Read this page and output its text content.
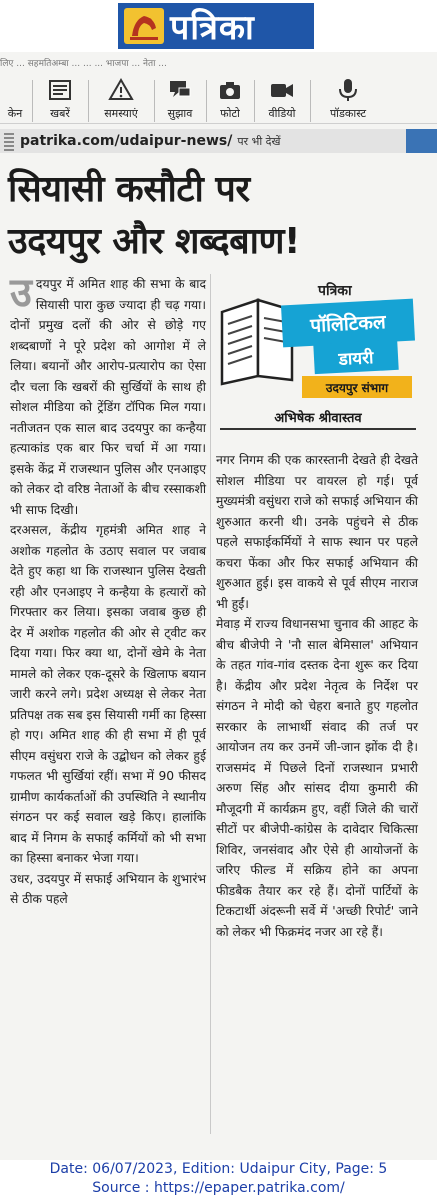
पत्रिका
लिए ... सहमतिअम्बा ... ... ... भाजपा ... नेता ...
केन	खबरें	समस्याएं	सुझाव	फोटो	वीडियो	पॉडकास्ट
patrika.com/udaipur-news/ पर भी देखें
सियासी कसौटी पर
उदयपुर और शब्दबाण!
उ दयपुर में अमित शाह की सभा के बाद सियासी पारा कुछ ज्यादा ही चढ़ गया। दोनों प्रमुख दलों की ओर से छोड़े गए शब्दबाणों ने पूरे प्रदेश को आगोश में ले लिया। बयानों और आरोप-प्रत्यारोप का ऐसा दौर चला कि खबरों की सुर्खियों के साथ ही सोशल मीडिया को ट्रेंडिंग टॉपिक मिल गया। नतीजतन एक साल बाद उदयपुर का कन्हैया हत्याकांड एक बार फिर चर्चा में आ गया। इसके केंद्र में राजस्थान पुलिस और एनआइए को लेकर दो वरिष्ठ नेताओं के बीच रस्साकशी भी साफ दिखी।

दरअसल, केंद्रीय गृहमंत्री अमित शाह ने अशोक गहलोत के उठाए सवाल पर जवाब देते हुए कहा था कि राजस्थान पुलिस देखती रही और एनआइए ने कन्हैया के हत्यारों को गिरफ्तार कर लिया। इसका जवाब कुछ ही देर में अशोक गहलोत की ओर से ट्वीट कर दिया गया। फिर क्या था, दोनों खेमे के नेता मामले को लेकर एक-दूसरे के खिलाफ बयान जारी करने लगे। प्रदेश अध्यक्ष से लेकर नेता प्रतिपक्ष तक सब इस सियासी गर्मी का हिस्सा हो गए। अमित शाह की ही सभा में ही पूर्व सीएम वसुंधरा राजे के उद्बोधन को लेकर हुई गफलत भी सुर्खियां रहीं। सभा में 90 फीसद ग्रामीण कार्यकर्ताओं की उपस्थिति ने स्थानीय संगठन पर कई सवाल खड़े किए। हालांकि बाद में निगम के सफाई कर्मियों को भी सभा का हिस्सा बनाकर भेजा गया।

उधर, उदयपुर में सफाई अभियान के शुभारंभ से ठीक पहले

पत्रिका
पॉलिटिकल
डायरी
उदयपुर संभाग
अभिषेक श्रीवास्तव

नगर निगम की एक कारस्तानी देखते ही देखते सोशल मीडिया पर वायरल हो गई। पूर्व मुख्यमंत्री वसुंधरा राजे को सफाई अभियान की शुरुआत करनी थी। उनके पहुंचने से ठीक पहले सफाईकर्मियों ने साफ स्थान पर पहले कचरा फेंका और फिर सफाई अभियान की शुरुआत हुई। इस वाकये से पूर्व सीएम नाराज भी हुईं।

मेवाड़ में राज्य विधानसभा चुनाव की आहट के बीच बीजेपी ने 'नौ साल बेमिसाल' अभियान के तहत गांव-गांव दस्तक देना शुरू कर दिया है। केंद्रीय और प्रदेश नेतृत्व के निर्देश पर संगठन ने मोदी को चेहरा बनाते हुए गहलोत सरकार के लाभार्थी संवाद की तर्ज पर आयोजन तय कर उनमें जी-जान झोंक दी है। राजसमंद में पिछले दिनों राजस्थान प्रभारी अरुण सिंह और सांसद दीया कुमारी की मौजूदगी में कार्यक्रम हुए, वहीं जिले की चारों सीटों पर बीजेपी-कांग्रेस के दावेदार चिकित्सा शिविर, जनसंवाद और ऐसे ही आयोजनों के जरिए फील्ड में सक्रिय होने का अपना फीडबैक तैयार कर रहे हैं। दोनों पार्टियों के टिकटार्थी अंदरूनी सर्वे में 'अच्छी रिपोर्ट' जाने को लेकर भी फिक्रमंद नजर आ रहे हैं।

Date: 06/07/2023, Edition: Udaipur City, Page: 5
Source : https://epaper.patrika.com/
